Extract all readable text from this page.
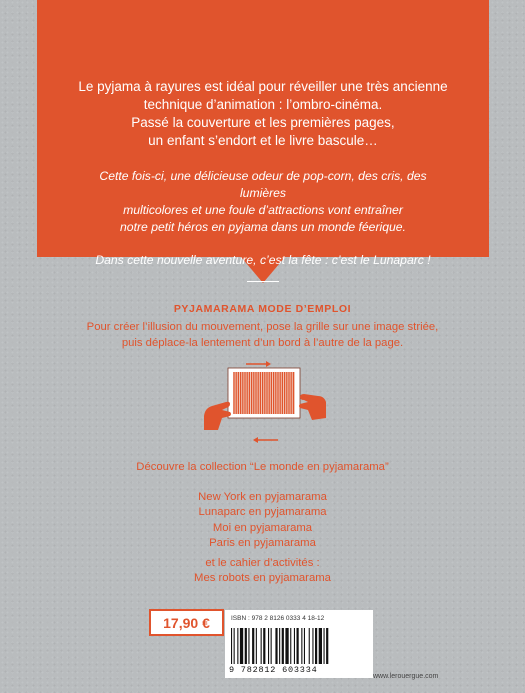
Le pyjama à rayures est idéal pour réveiller une très ancienne

technique d’animation : l’ombro-cinéma.

Passé la couverture et les premières pages,

un enfant s’endort et le livre bascule…

Cette fois-ci, une délicieuse odeur de pop-corn, des cris, des lumières

multicolores et une foule d’attractions vont entraîner

notre petit héros en pyjama dans un monde féerique.

Dans cette nouvelle aventure, c’est la fête : c’est le Lunaparc !
PYJAMARAMA MODE D’EMPLOI

Pour créer l’illusion du mouvement, pose la grille sur une image striée,

puis déplace-la lentement d’un bord à l’autre de la page.

Découvre la collection “Le monde en pyjamarama”
New York en pyjamarama
Lunaparc en pyjamarama
Moi en pyjamarama
Paris en pyjamarama
et le cahier d’activités :
Mes robots en pyjamarama
17,90 €	ISBN : 978 2 8126 0333 4 18-12
9 782812 603334
www.lerouergue.com
